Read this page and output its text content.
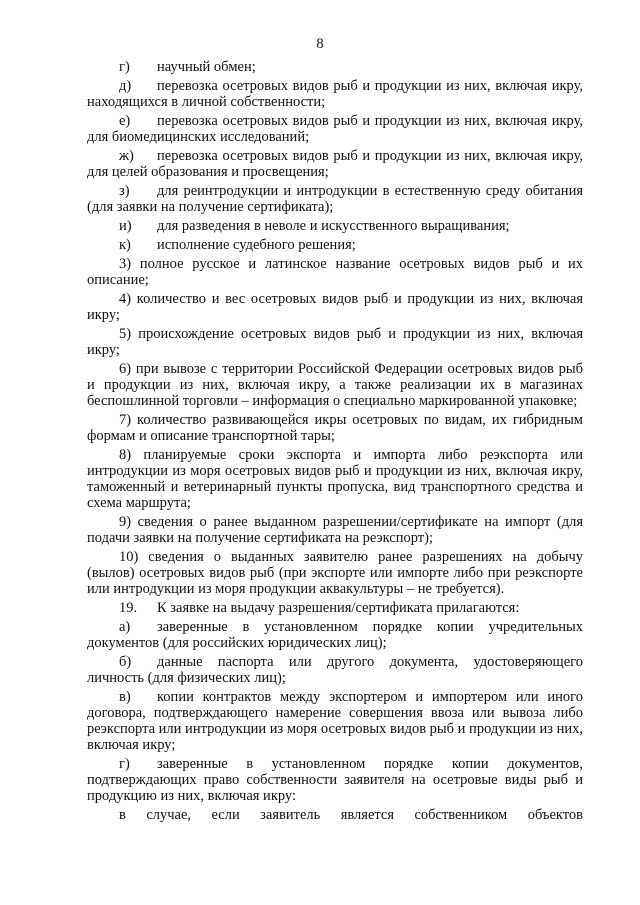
8

г) научный обмен;

д) перевозка осетровых видов рыб и продукции из них, включая икру, находящихся в личной собственности;

е) перевозка осетровых видов рыб и продукции из них, включая икру, для биомедицинских исследований;

ж) перевозка осетровых видов рыб и продукции из них, включая икру, для целей образования и просвещения;

з) для реинтродукции и интродукции в естественную среду обитания (для заявки на получение сертификата);

и) для разведения в неволе и искусственного выращивания;

к) исполнение судебного решения;

3) полное русское и латинское название осетровых видов рыб и их описание;

4) количество и вес осетровых видов рыб и продукции из них, включая икру;

5) происхождение осетровых видов рыб и продукции из них, включая икру;

6) при вывозе с территории Российской Федерации осетровых видов рыб и продукции из них, включая икру, а также реализации их в магазинах беспошлинной торговли – информация о специально маркированной упаковке;

7) количество развивающейся икры осетровых по видам, их гибридным формам и описание транспортной тары;

8) планируемые сроки экспорта и импорта либо реэкспорта или интродукции из моря осетровых видов рыб и продукции из них, включая икру, таможенный и ветеринарный пункты пропуска, вид транспортного средства и схема маршрута;

9) сведения о ранее выданном разрешении/сертификате на импорт (для подачи заявки на получение сертификата на реэкспорт);

10) сведения о выданных заявителю ранее разрешениях на добычу (вылов) осетровых видов рыб (при экспорте или импорте либо при реэкспорте или интродукции из моря продукции аквакультуры – не требуется).

19. К заявке на выдачу разрешения/сертификата прилагаются:

а) заверенные в установленном порядке копии учредительных документов (для российских юридических лиц);

б) данные паспорта или другого документа, удостоверяющего личность (для физических лиц);

в) копии контрактов между экспортером и импортером или иного договора, подтверждающего намерение совершения ввоза или вывоза либо реэкспорта или интродукции из моря осетровых видов рыб и продукции из них, включая икру;

г) заверенные в установленном порядке копии документов, подтверждающих право собственности заявителя на осетровые виды рыб и продукцию из них, включая икру:

в случае, если заявитель является собственником объектов
